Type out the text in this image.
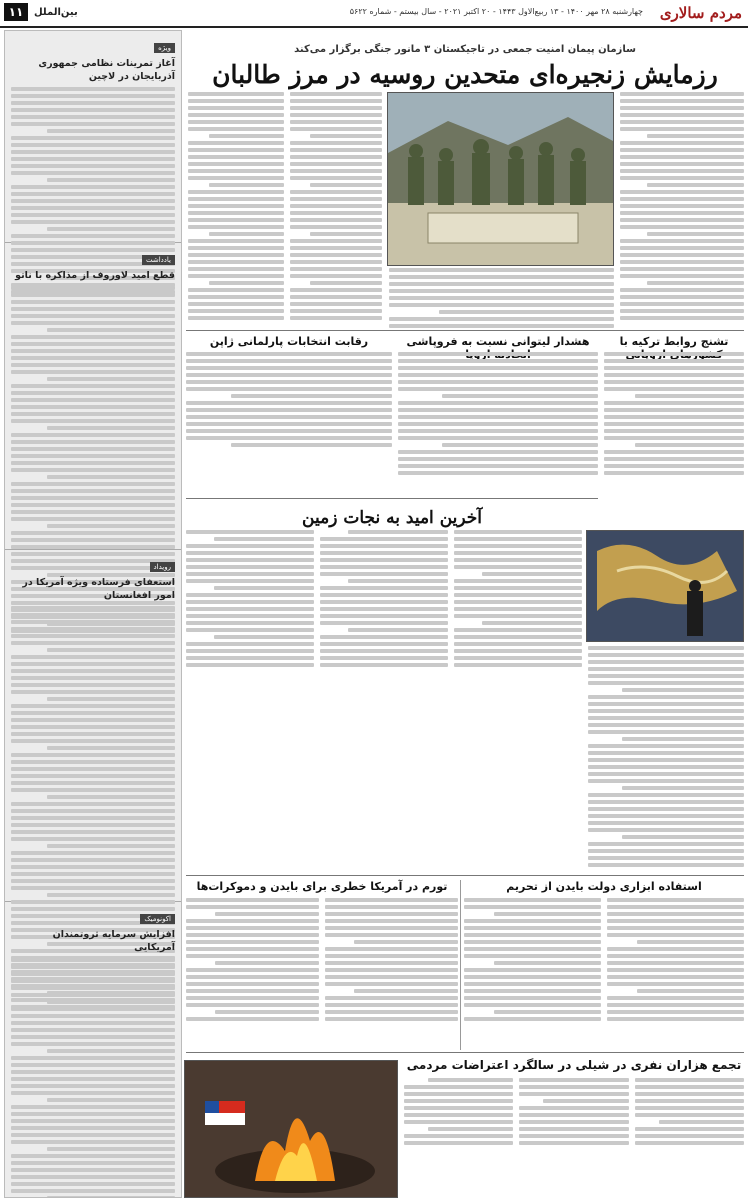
مردم سالاری
چهارشنبه ۲۸ مهر ۱۴۰۰ - ۱۳ ربیع‌الاول ۱۴۴۳ - ۲۰ اکتبر ۲۰۲۱ - سال بیستم - شماره ۵۶۲۲
بین‌الملل
۱۱
ویژه
آغاز تمرینات نظامی جمهوری آذربایجان در لاچین
یادداشت
قطع امید لاوروف از مذاکره با ناتو
رویداد
استعفای فرستاده ویژه آمریکا در امور افغانستان
اکونومیک
افزایش سرمایه ثروتمندان آمریکایی
سازمان پیمان امنیت جمعی در تاجیکستان ۳ مانور جنگی برگزار می‌کند
رزمایش زنجیره‌ای متحدین روسیه در مرز طالبان
تشنج روابط ترکیه با
هشدار لیتوانی نسبت به فروپاشی
رقابت انتخابات پارلمانی ژاپن
آخرین امید به نجات زمین
استفاده ابزاری دولت بایدن از تحریم
تورم در آمریکا خطری برای بایدن و دموکرات‌ها
تجمع هزاران نفری در شیلی در سالگرد اعتراضات مردمی
